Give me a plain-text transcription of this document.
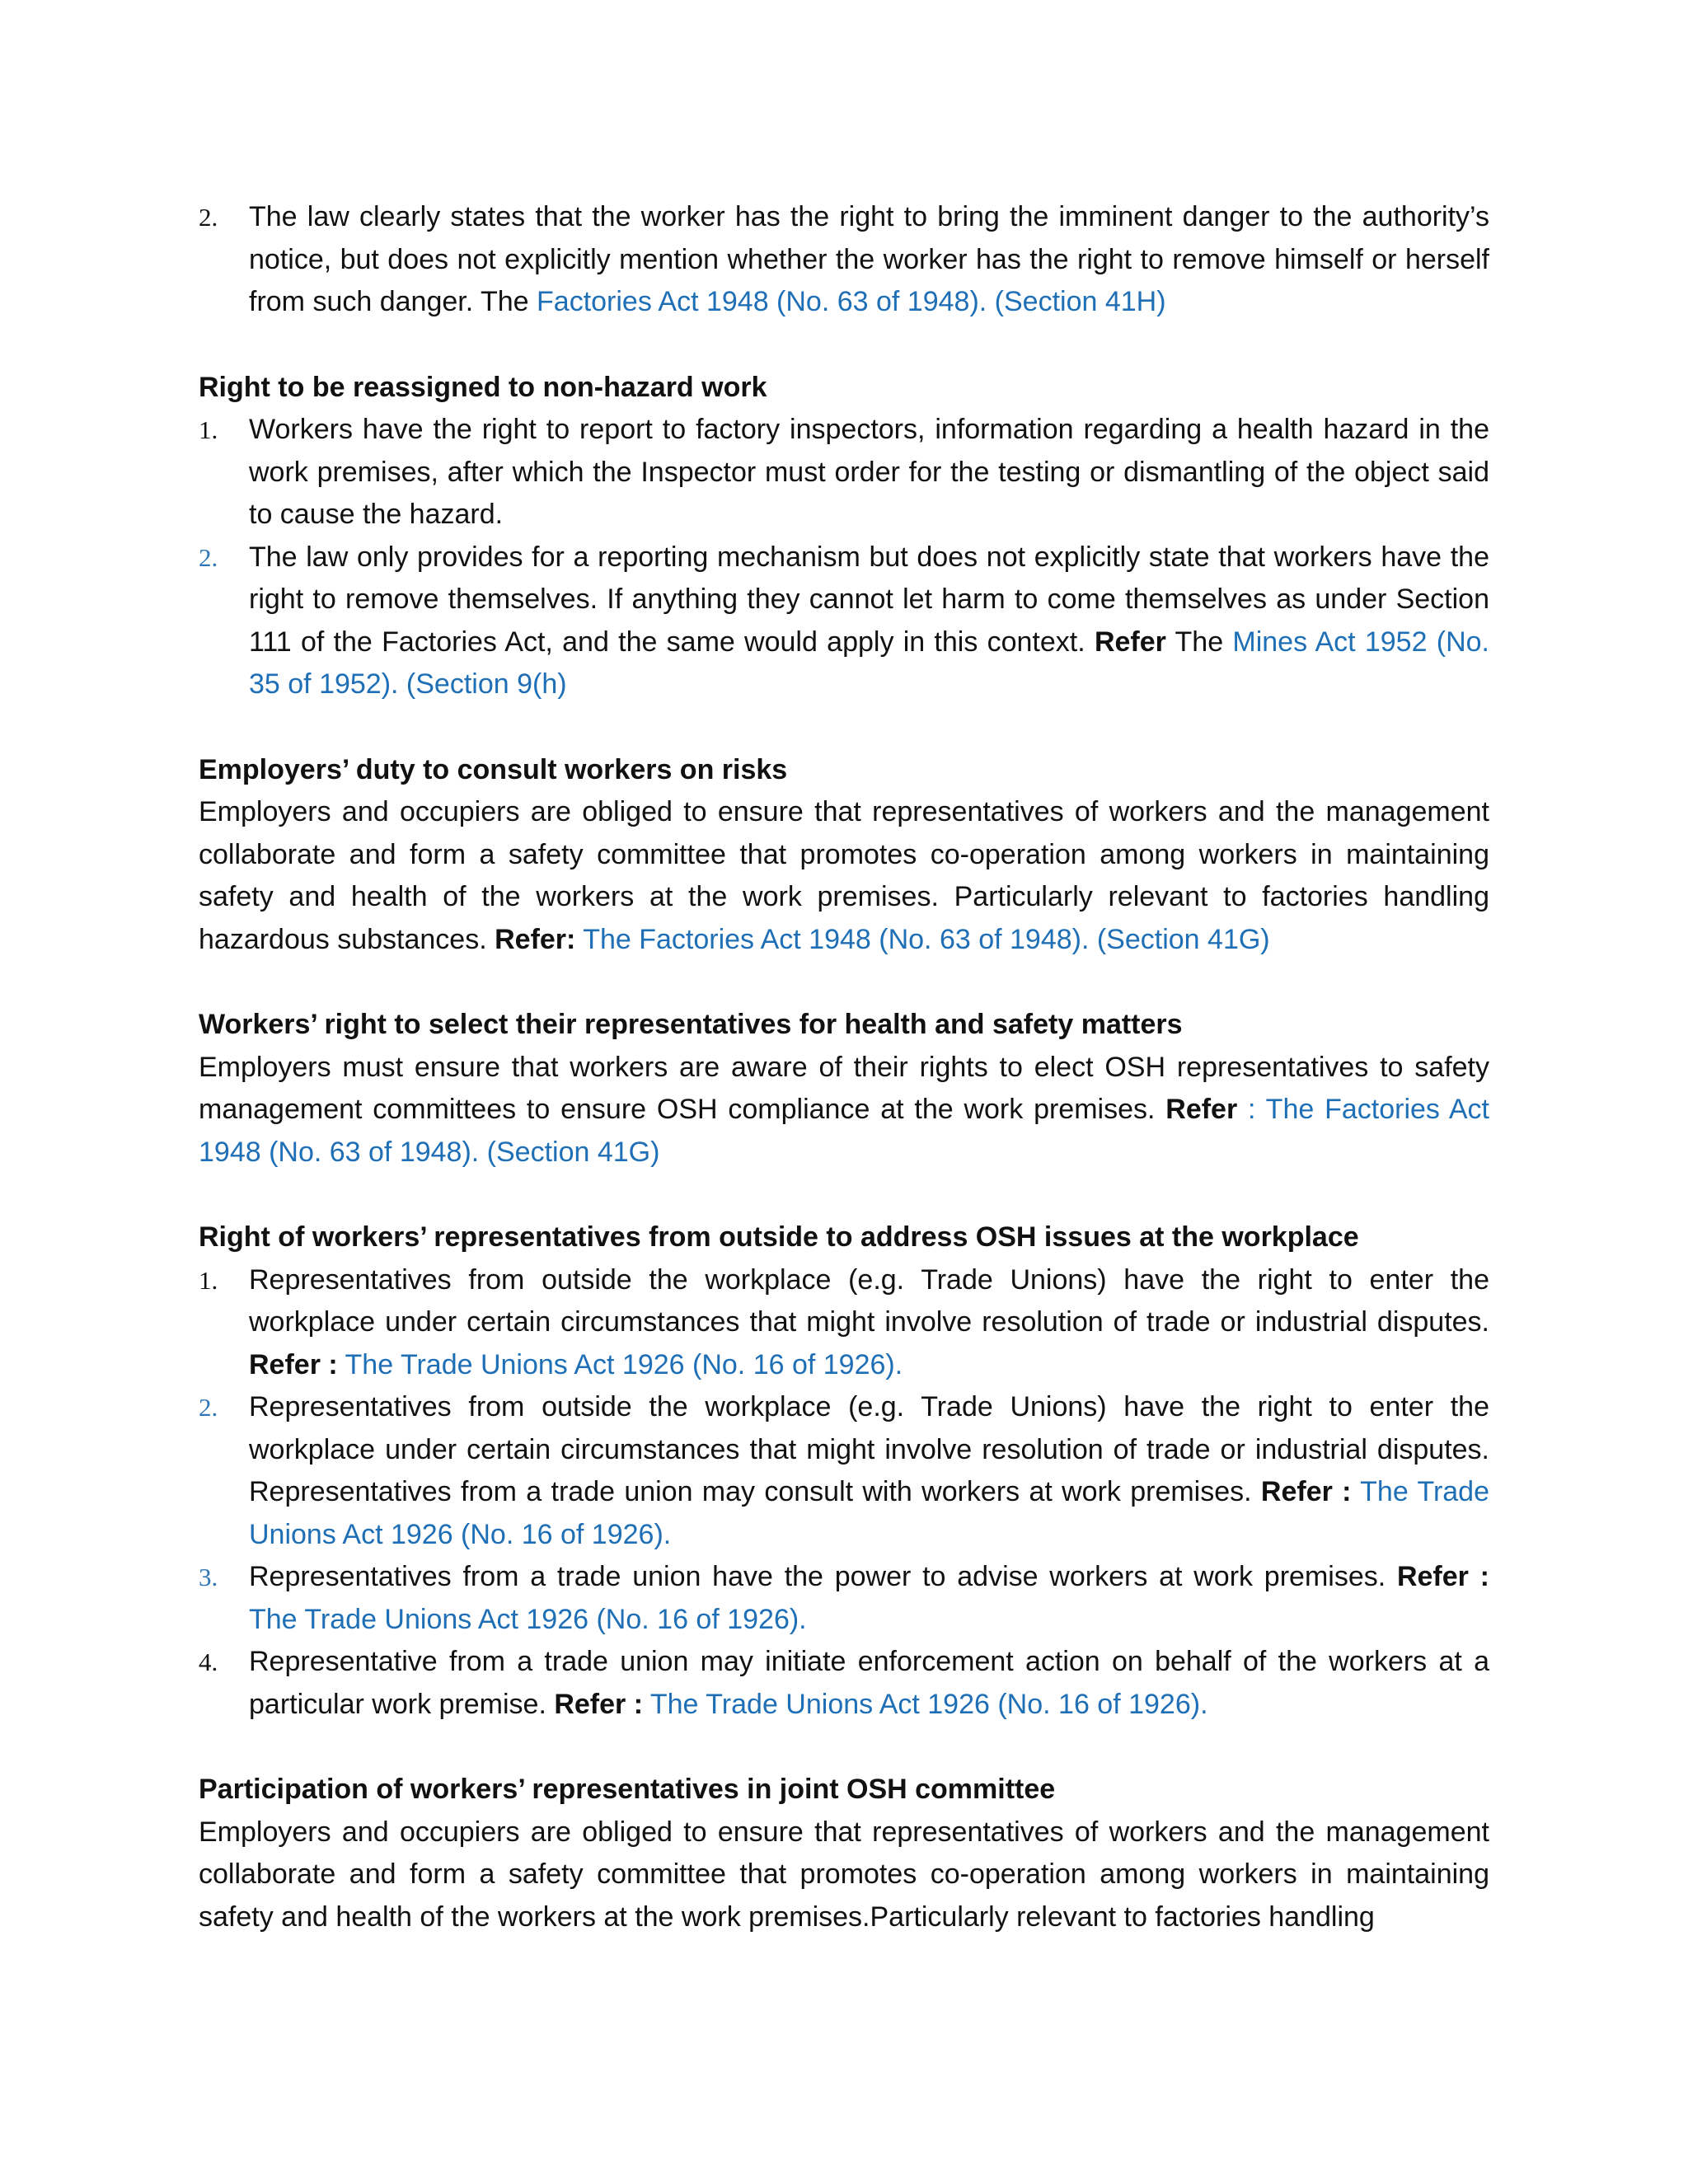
2. The law clearly states that the worker has the right to bring the imminent danger to the authority’s notice, but does not explicitly mention whether the worker has the right to remove himself or herself from such danger. The Factories Act 1948 (No. 63 of 1948). (Section 41H)

Right to be reassigned to non-hazard work

1. Workers have the right to report to factory inspectors, information regarding a health hazard in the work premises, after which the Inspector must order for the testing or dismantling of the object said to cause the hazard.

2. The law only provides for a reporting mechanism but does not explicitly state that workers have the right to remove themselves. If anything they cannot let harm to come themselves as under Section 111 of the Factories Act, and the same would apply in this context. Refer The Mines Act 1952 (No. 35 of 1952). (Section 9(h)

Employers’ duty to consult workers on risks

Employers and occupiers are obliged to ensure that representatives of workers and the management collaborate and form a safety committee that promotes co-operation among workers in maintaining safety and health of the workers at the work premises. Particularly relevant to factories handling hazardous substances. Refer: The Factories Act 1948 (No. 63 of 1948). (Section 41G)

Workers’ right to select their representatives for health and safety matters

Employers must ensure that workers are aware of their rights to elect OSH representatives to safety management committees to ensure OSH compliance at the work premises. Refer : The Factories Act 1948 (No. 63 of 1948). (Section 41G)

Right of workers’ representatives from outside to address OSH issues at the workplace

1. Representatives from outside the workplace (e.g. Trade Unions) have the right to enter the workplace under certain circumstances that might involve resolution of trade or industrial disputes. Refer : The Trade Unions Act 1926 (No. 16 of 1926).

2. Representatives from outside the workplace (e.g. Trade Unions) have the right to enter the workplace under certain circumstances that might involve resolution of trade or industrial disputes. Representatives from a trade union may consult with workers at work premises. Refer : The Trade Unions Act 1926 (No. 16 of 1926).

3. Representatives from a trade union have the power to advise workers at work premises. Refer : The Trade Unions Act 1926 (No. 16 of 1926).

4. Representative from a trade union may initiate enforcement action on behalf of the workers at a particular work premise. Refer : The Trade Unions Act 1926 (No. 16 of 1926).

Participation of workers’ representatives in joint OSH committee

Employers and occupiers are obliged to ensure that representatives of workers and the management collaborate and form a safety committee that promotes co-operation among workers in maintaining safety and health of the workers at the work premises.Particularly relevant to factories handling
